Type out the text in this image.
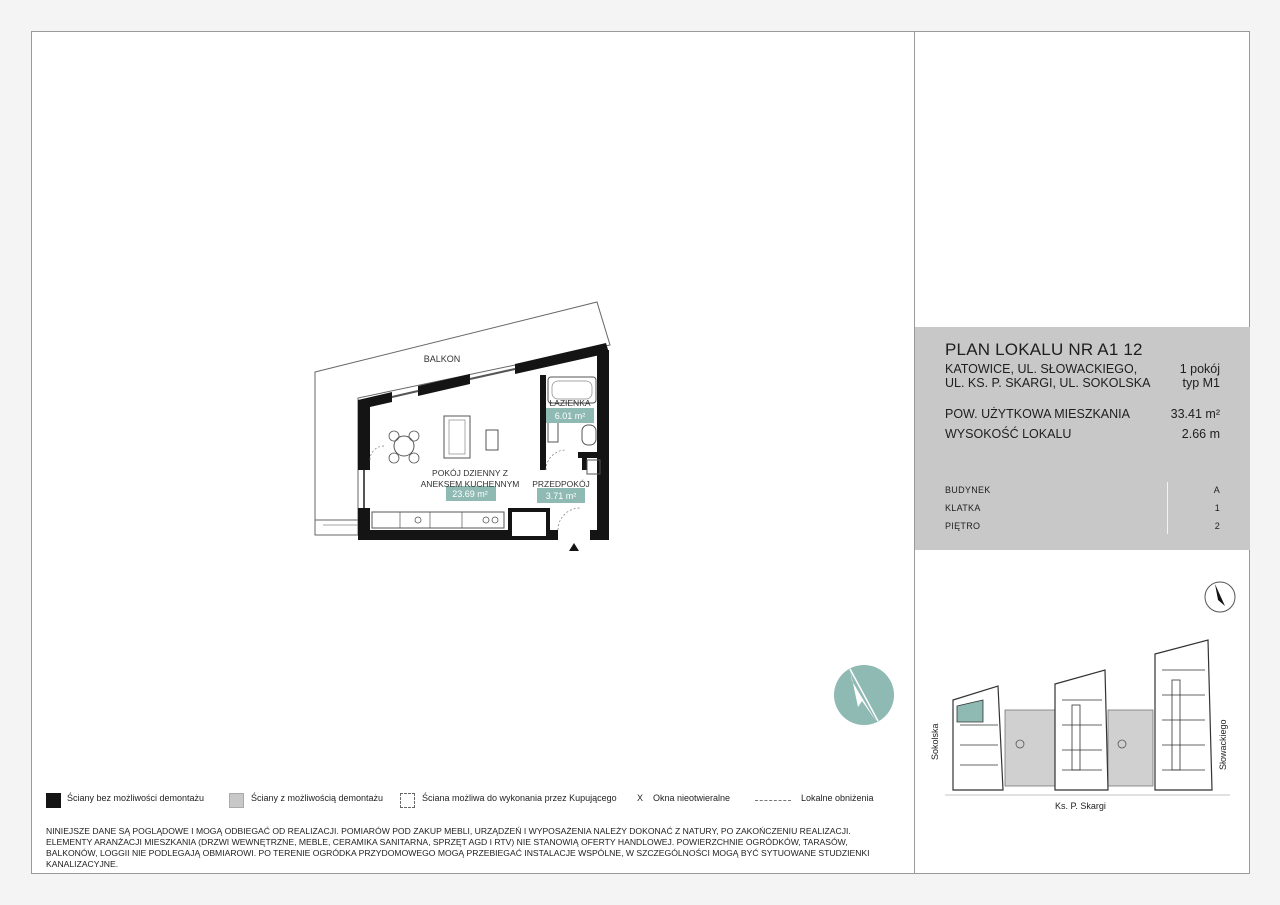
BALKON
ŁAZIENKA
6.01 m²
POKÓJ DZIENNY Z
ANEKSEM KUCHENNYM
23.69 m²
PRZEDPOKÓJ
3.71 m²
PLAN LOKALU NR A1 12
KATOWICE, UL. SŁOWACKIEGO,
UL. KS. P. SKARGI, UL. SOKOLSKA
1 pokój
typ M1
POW. UŻYTKOWA MIESZKANIA	33.41 m²
WYSOKOŚĆ LOKALU	2.66 m
BUDYNEK	A
KLATKA	1
PIĘTRO	2
Sokolska
Ks. P. Skargi
Słowackiego
Ściany bez możliwości demontażu	Ściany z możliwością demontażu	Ściana możliwa do wykonania przez Kupującego X Okna nieotwieralne	Lokalne obniżenia
NINIEJSZE DANE SĄ POGLĄDOWE I MOGĄ ODBIEGAĆ OD REALIZACJI. POMIARÓW POD ZAKUP MEBLI, URZĄDZEŃ I WYPOSAŻENIA NALEŻY DOKONAĆ Z NATURY, PO ZAKOŃCZENIU REALIZACJI. ELEMENTY ARANŻACJI MIESZKANIA (DRZWI WEWNĘTRZNE, MEBLE, CERAMIKA SANITARNA, SPRZĘT AGD I RTV) NIE STANOWIĄ OFERTY HANDLOWEJ. POWIERZCHNIE OGRÓDKÓW, TARASÓW, BALKONÓW, LOGGII NIE PODLEGAJĄ OBMIAROWI. PO TERENIE OGRÓDKA PRZYDOMOWEGO MOGĄ PRZEBIEGAĆ INSTALACJE WSPÓLNE, W SZCZEGÓLNOŚCI MOGĄ BYĆ SYTUOWANE STUDZIENKI KANALIZACYJNE.
